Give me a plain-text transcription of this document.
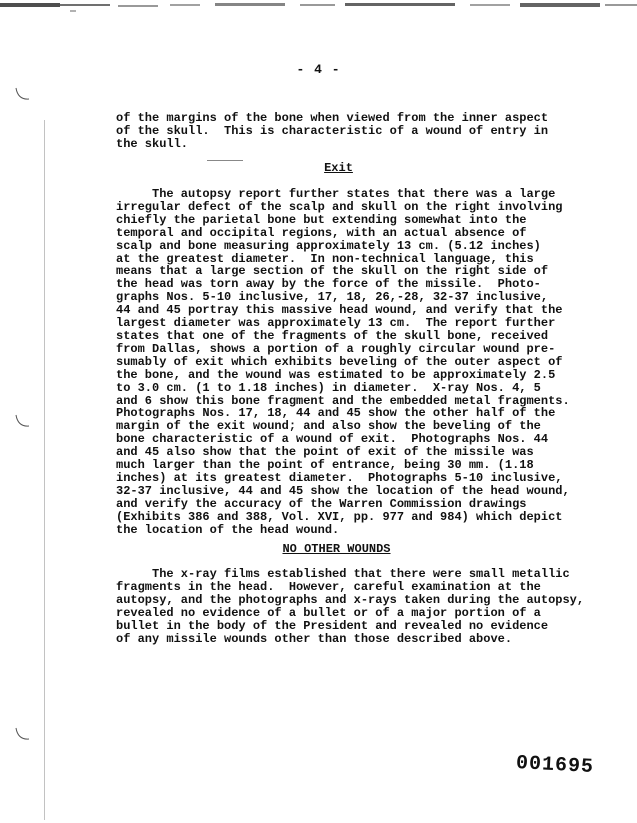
- 4 -

of the margins of the bone when viewed from the inner aspect
of the skull.  This is characteristic of a wound of entry in
the skull.

Exit

The autopsy report further states that there was a large
irregular defect of the scalp and skull on the right involving
chiefly the parietal bone but extending somewhat into the
temporal and occipital regions, with an actual absence of
scalp and bone measuring approximately 13 cm. (5.12 inches)
at the greatest diameter.  In non-technical language, this
means that a large section of the skull on the right side of
the head was torn away by the force of the missile.  Photo-
graphs Nos. 5-10 inclusive, 17, 18, 26,-28, 32-37 inclusive,
44 and 45 portray this massive head wound, and verify that the
largest diameter was approximately 13 cm.  The report further
states that one of the fragments of the skull bone, received
from Dallas, shows a portion of a roughly circular wound pre-
sumably of exit which exhibits beveling of the outer aspect of
the bone, and the wound was estimated to be approximately 2.5
to 3.0 cm. (1 to 1.18 inches) in diameter.  X-ray Nos. 4, 5
and 6 show this bone fragment and the embedded metal fragments.
Photographs Nos. 17, 18, 44 and 45 show the other half of the
margin of the exit wound; and also show the beveling of the
bone characteristic of a wound of exit.  Photographs Nos. 44
and 45 also show that the point of exit of the missile was
much larger than the point of entrance, being 30 mm. (1.18
inches) at its greatest diameter.  Photographs 5-10 inclusive,
32-37 inclusive, 44 and 45 show the location of the head wound,
and verify the accuracy of the Warren Commission drawings
(Exhibits 386 and 388, Vol. XVI, pp. 977 and 984) which depict
the location of the head wound.

NO OTHER WOUNDS

The x-ray films established that there were small metallic
fragments in the head.  However, careful examination at the
autopsy, and the photographs and x-rays taken during the autopsy,
revealed no evidence of a bullet or of a major portion of a
bullet in the body of the President and revealed no evidence
of any missile wounds other than those described above.

001695
